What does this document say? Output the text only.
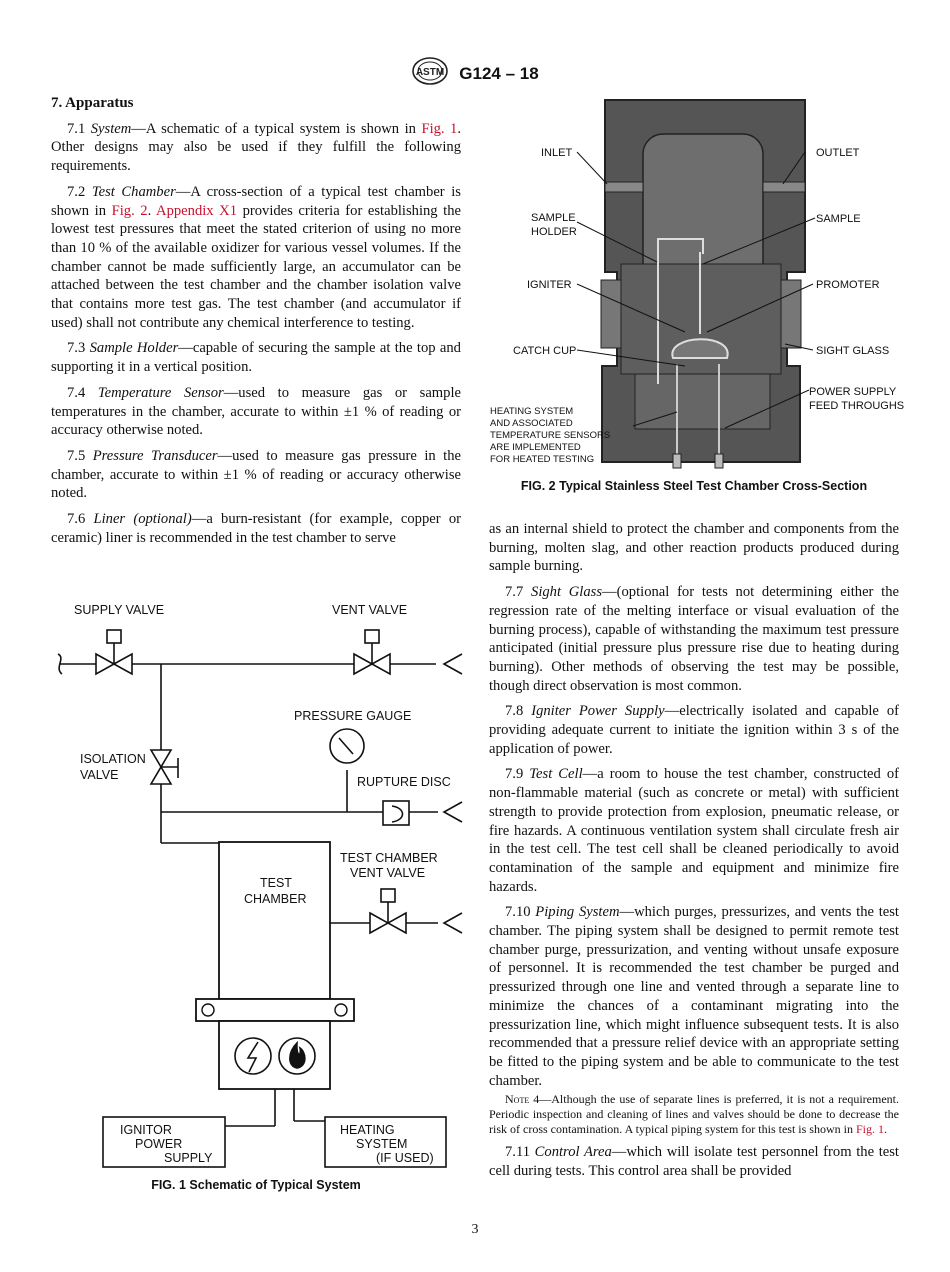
ASTM G124 – 18
7. Apparatus

7.1 System—A schematic of a typical system is shown in Fig. 1. Other designs may also be used if they fulfill the following requirements.

7.2 Test Chamber—A cross-section of a typical test chamber is shown in Fig. 2. Appendix X1 provides criteria for establishing the lowest test pressures that meet the stated criterion of using no more than 10 % of the available oxidizer for various vessel volumes. If the chamber cannot be made sufficiently large, an accumulator can be attached between the test chamber and the chamber isolation valve that contains more test gas. The test chamber (and accumulator if used) shall not contribute any chemical interference to testing.

7.3 Sample Holder—capable of securing the sample at the top and supporting it in a vertical position.

7.4 Temperature Sensor—used to measure gas or sample temperatures in the chamber, accurate to within ±1 % of reading or accuracy otherwise noted.

7.5 Pressure Transducer—used to measure gas pressure in the chamber, accurate to within ±1 % of reading or accuracy otherwise noted.

7.6 Liner (optional)—a burn-resistant (for example, copper or ceramic) liner is recommended in the test chamber to serve

as an internal shield to protect the chamber and components from the burning, molten slag, and other reaction products produced during sample burning.

7.7 Sight Glass—(optional for tests not determining either the regression rate of the melting interface or visual evaluation of the burning process), capable of withstanding the maximum test pressure anticipated (initial pressure plus pressure rise due to heating during burning). Other methods of observing the test may be possible, though direct observation is most common.

7.8 Igniter Power Supply—electrically isolated and capable of providing adequate current to initiate the ignition within 3 s of the application of power.

7.9 Test Cell—a room to house the test chamber, constructed of non-flammable material (such as concrete or metal) with sufficient strength to provide protection from explosion, pneumatic release, or fire hazards. A continuous ventilation system shall circulate fresh air in the test cell. The test cell shall be cleaned periodically to avoid contamination of the sample and equipment and minimize fire hazards.

7.10 Piping System—which purges, pressurizes, and vents the test chamber. The piping system shall be designed to permit remote test chamber purge, pressurization, and venting without unsafe exposure of personnel. It is recommended the test chamber be purged and pressurized through one line and vented through a separate line to minimize the chances of a contaminant migrating into the pressurization line, which might influence subsequent tests. It is also recommended that a pressure relief device with an appropriate setting be fitted to the piping system and be able to communicate to the test chamber.

Note 4—Although the use of separate lines is preferred, it is not a requirement. Periodic inspection and cleaning of lines and valves should be done to decrease the risk of cross contamination. A typical piping system for this test is shown in Fig. 1.

7.11 Control Area—which will isolate test personnel from the test cell during tests. This control area shall be provided

INLET	OUTLET
SAMPLE
HOLDER
SAMPLE
IGNITER	PROMOTER
CATCH CUP	SIGHT GLASS
POWER SUPPLY
FEED THROUGHS
HEATING SYSTEM
AND ASSOCIATED
TEMPERATURE SENSORS
ARE IMPLEMENTED
FOR HEATED TESTING
FIG. 2 Typical Stainless Steel Test Chamber Cross-Section
SUPPLY VALVE	VENT VALVE
PRESSURE GAUGE
ISOLATION
VALVE	RUPTURE DISC
TEST CHAMBER
VENT VALVE
TEST
CHAMBER
IGNITOR
POWER
SUPPLY
HEATING
SYSTEM
(IF USED)
FIG. 1 Schematic of Typical System
3
